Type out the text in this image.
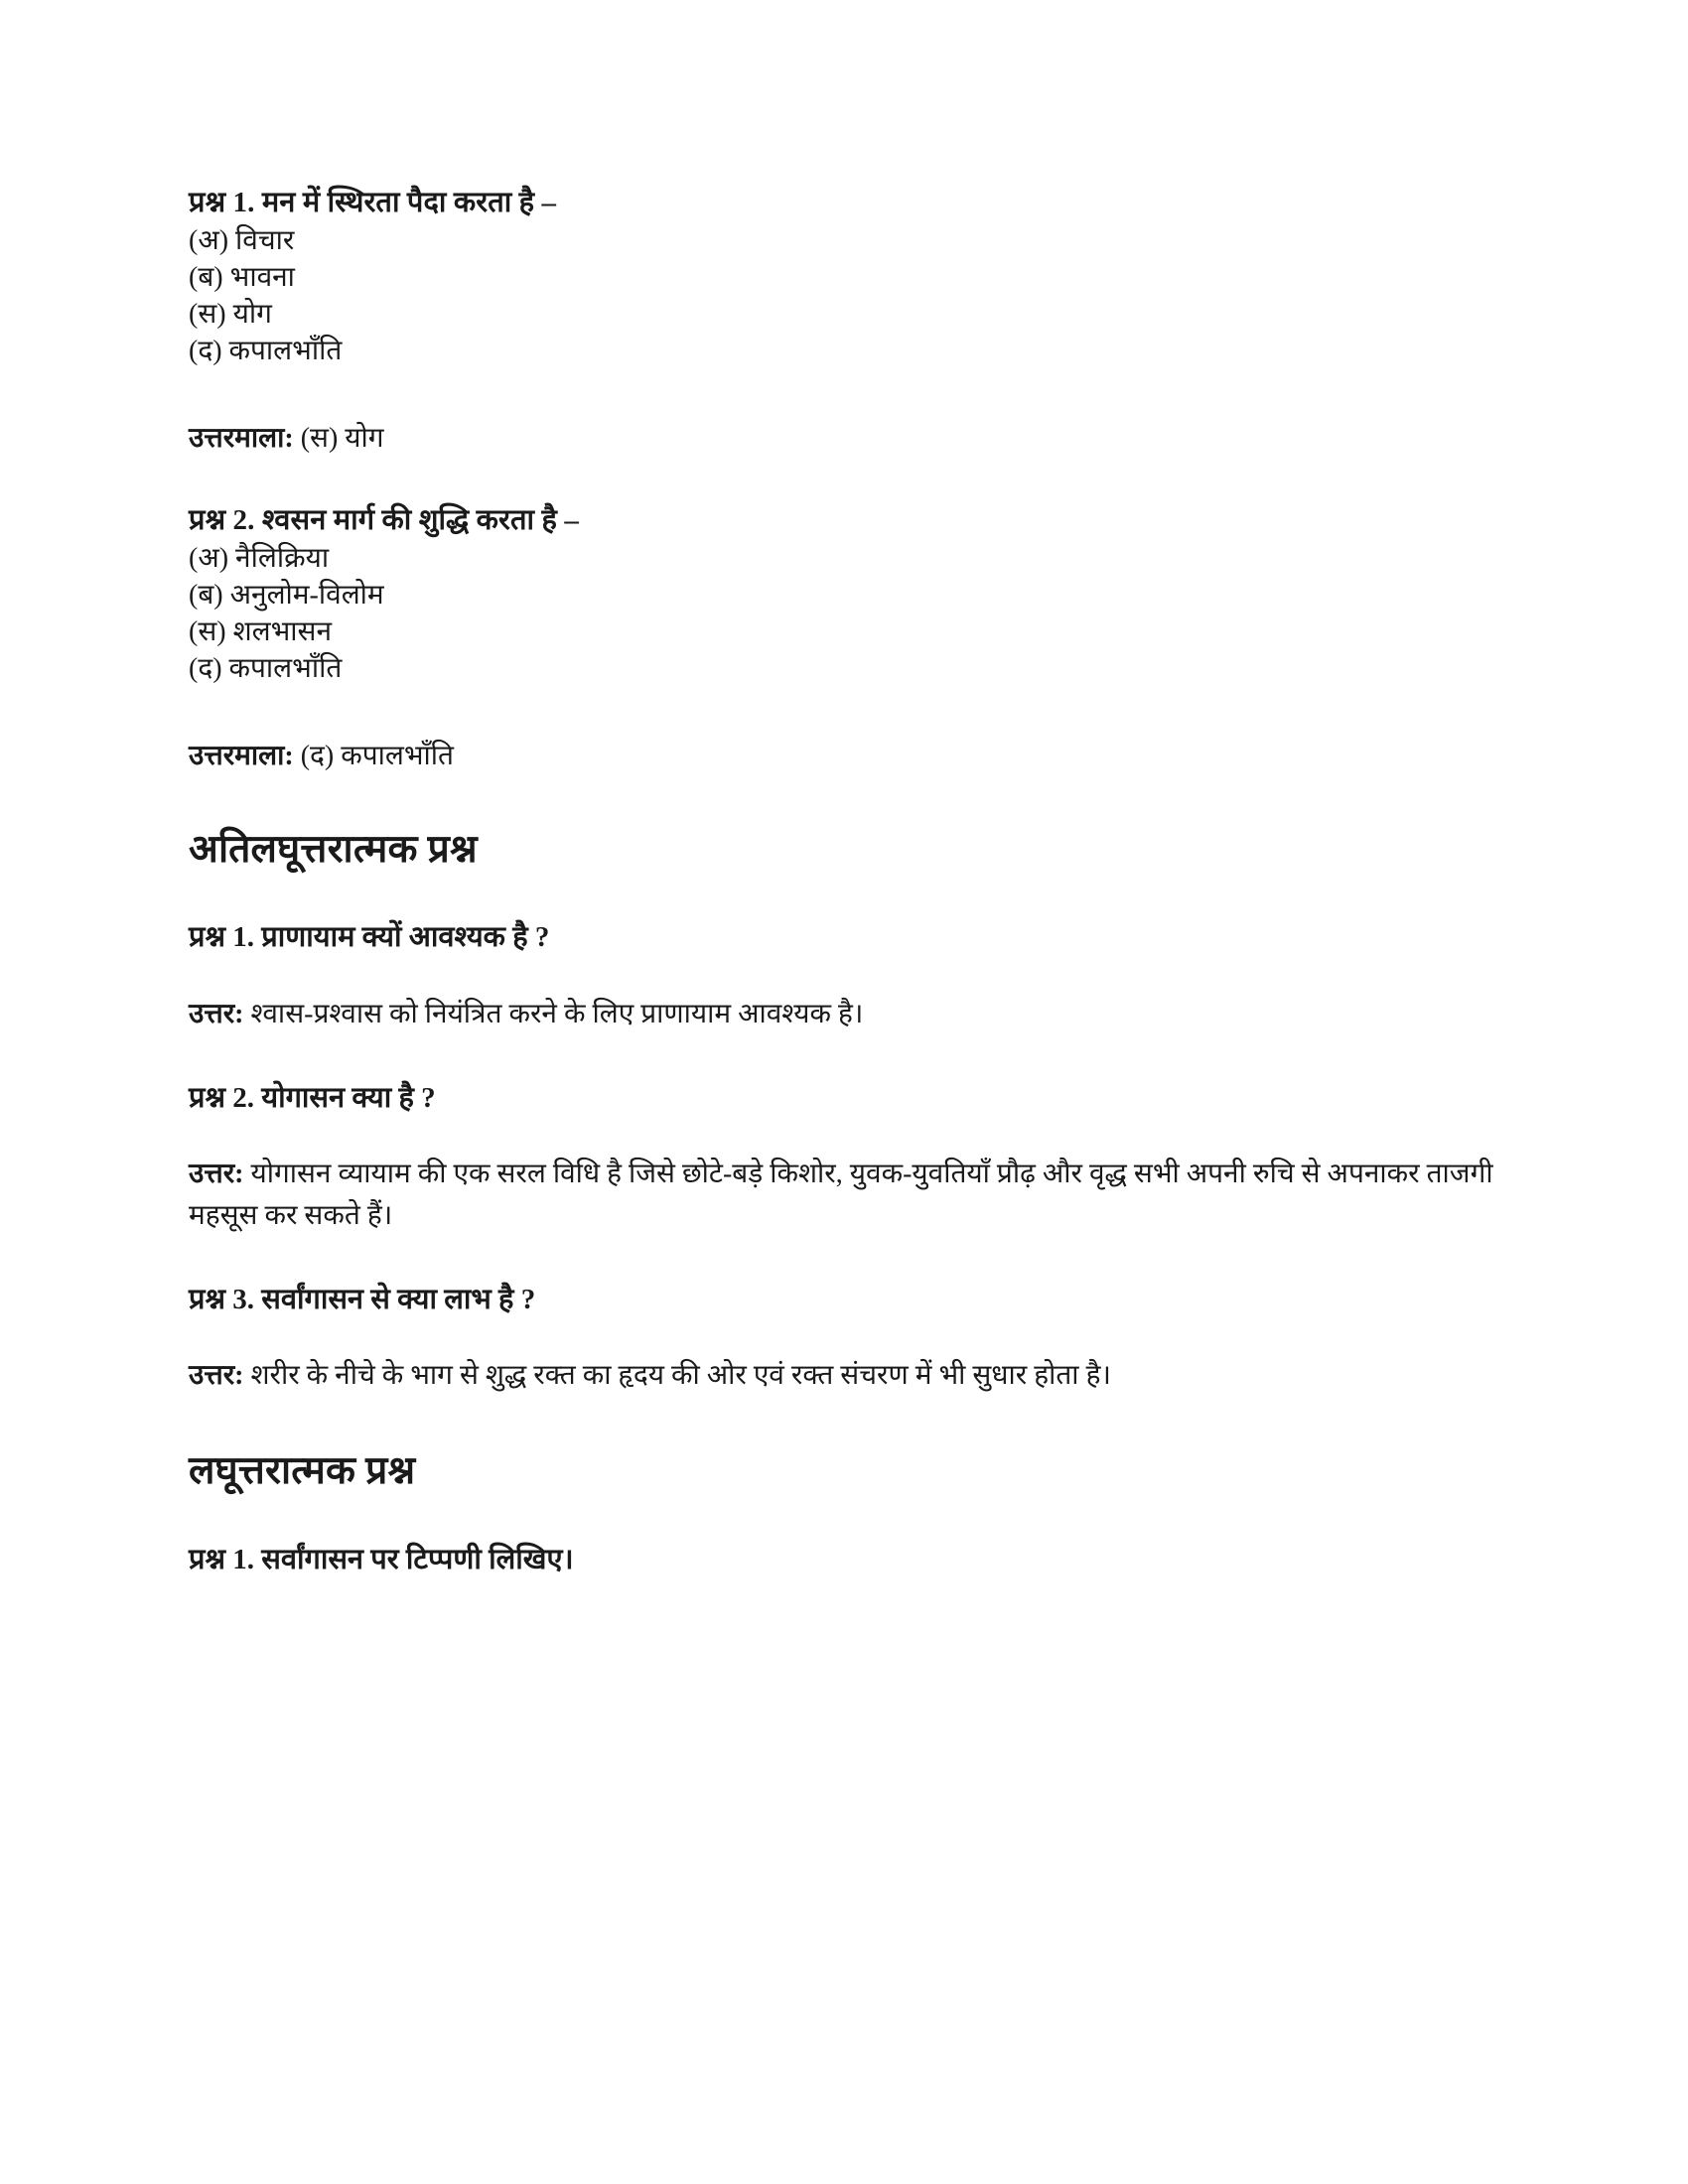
प्रश्न 1. मन में स्थिरता पैदा करता है –

(अ) विचार

(ब) भावना

(स) योग

(द) कपालभाँति

उत्तरमाला: (स) योग

प्रश्न 2. श्वसन मार्ग की शुद्धि करता है –

(अ) नैलिक्रिया

(ब) अनुलोम-विलोम

(स) शलभासन

(द) कपालभाँति

उत्तरमाला: (द) कपालभाँति

अतिलघूत्तरात्मक प्रश्न

प्रश्न 1. प्राणायाम क्यों आवश्यक है ?

उत्तर: श्वास-प्रश्वास को नियंत्रित करने के लिए प्राणायाम आवश्यक है।

प्रश्न 2. योगासन क्या है ?

उत्तर: योगासन व्यायाम की एक सरल विधि है जिसे छोटे-बड़े किशोर, युवक-युवतियाँ प्रौढ़ और वृद्ध सभी अपनी रुचि से अपनाकर ताजगी महसूस कर सकते हैं।

प्रश्न 3. सर्वांगासन से क्या लाभ है ?

उत्तर: शरीर के नीचे के भाग से शुद्ध रक्त का हृदय की ओर एवं रक्त संचरण में भी सुधार होता है।

लघूत्तरात्मक प्रश्न

प्रश्न 1. सर्वांगासन पर टिप्पणी लिखिए।
